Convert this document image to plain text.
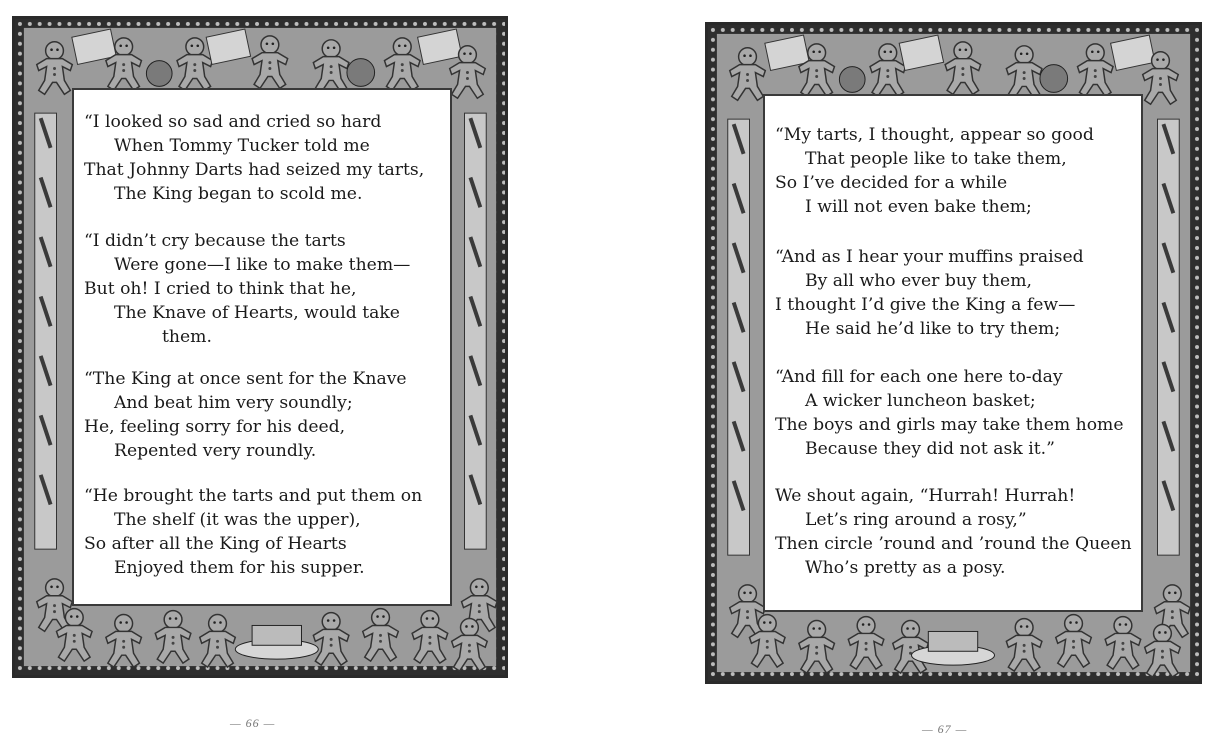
“I looked so sad and cried so hard
When Tommy Tucker told me
That Johnny Darts had seized my tarts,
The King began to scold me.
“I didn’t cry because the tarts
Were gone—I like to make them—
But oh! I cried to think that he,
The Knave of Hearts, would take
them.
“The King at once sent for the Knave
And beat him very soundly;
He, feeling sorry for his deed,
Repented very roundly.
“He brought the tarts and put them on
The shelf (it was the upper),
So after all the King of Hearts
Enjoyed them for his supper.
“My tarts, I thought, appear so good
That people like to take them,
So I’ve decided for a while
I will not even bake them;
“And as I hear your muffins praised
By all who ever buy them,
I thought I’d give the King a few—
He said he’d like to try them;
“And fill for each one here to-day
A wicker luncheon basket;
The boys and girls may take them home
Because they did not ask it.”
We shout again, “Hurrah! Hurrah!
Let’s ring around a rosy,”
Then circle ’round and ’round the Queen
Who’s pretty as a posy.
— 66 —	— 67 —
